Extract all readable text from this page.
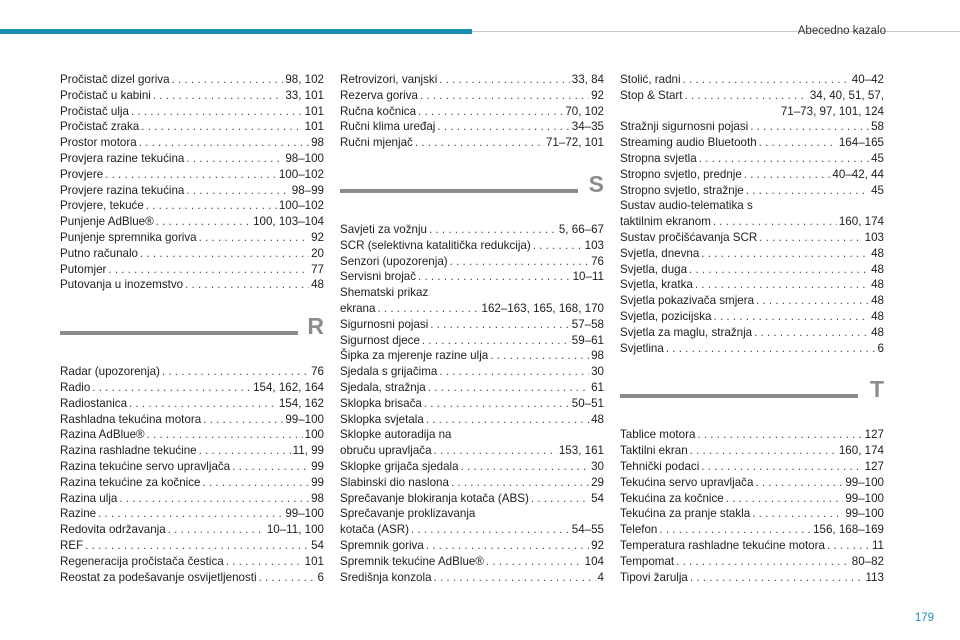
Abecedno kazalo
Pročistač dizel goriva . . .	98, 102
Pročistač u kabini . . .	33, 101
Pročistač ulja . . .	101
Pročistač zraka . . .	101
Prostor motora . . .	98
Provjera razine tekućina . . .	98–100
Provjere . . .	100–102
Provjere razina tekućina . . .	98–99
Provjere, tekuće . . .	100–102
Punjenje AdBlue® . . .	100, 103–104
Punjenje spremnika goriva . . .	92
Putno računalo . . .	20
Putomjer . . .	77
Putovanja u inozemstvo . . .	48
R
Radar (upozorenja) . . .	76
Radio . . .	154, 162, 164
Radiostanica . . .	154, 162
Rashladna tekućina motora . . .	99–100
Razina AdBlue® . . .	100
Razina rashladne tekućine . . .	11, 99
Razina tekućine servo upravljača . . .	99
Razina tekućine za kočnice . . .	99
Razina ulja . . .	98
Razine . . .	99–100
Redovita održavanja . . .	10–11, 100
REF . . .	54
Regeneracija pročistača čestica . . .	101
Reostat za podešavanje osvijetljenosti . . .	6
Retrovizori, vanjski . . .	33, 84
Rezerva goriva . . .	92
Ručna kočnica . . .	70, 102
Ručni klima uređaj . . .	34–35
Ručni mjenjač . . .	71–72, 101
S
Savjeti za vožnju . . .	5, 66–67
SCR (selektivna katalitička redukcija) . . .	103
Senzori (upozorenja) . . .	76
Servisni brojač . . .	10–11
Shematski prikaz
ekrana . . .	162–163, 165, 168, 170
Sigurnosni pojasi . . .	57–58
Sigurnost djece . . .	59–61
Šipka za mjerenje razine ulja . . .	98
Sjedala s grijačima . . .	30
Sjedala, stražnja . . .	61
Sklopka brisača . . .	50–51
Sklopka svjetala . . .	48
Sklopke autoradija na
obruču upravljača . . .	153, 161
Sklopke grijača sjedala . . .	30
Slabinski dio naslona . . .	29
Sprečavanje blokiranja kotača (ABS) . . .	54
Sprečavanje proklizavanja
kotača (ASR) . . .	54–55
Spremnik goriva . . .	92
Spremnik tekućine AdBlue® . . .	104
Središnja konzola . . .	4
Stolić, radni . . .	40–42
Stop & Start . . .	34, 40, 51, 57,
71–73, 97, 101, 124
Stražnji sigurnosni pojasi . . .	58
Streaming audio Bluetooth . . .	164–165
Stropna svjetla . . .	45
Stropno svjetlo, prednje . . .	40–42, 44
Stropno svjetlo, stražnje . . .	45
Sustav audio-telematika s
taktilnim ekranom . . .	160, 174
Sustav pročišćavanja SCR . . .	103
Svjetla, dnevna . . .	48
Svjetla, duga . . .	48
Svjetla, kratka . . .	48
Svjetla pokazivača smjera . . .	48
Svjetla, pozicijska . . .	48
Svjetla za maglu, stražnja . . .	48
Svjetlina . . .	6
T
Tablice motora . . .	127
Taktilni ekran . . .	160, 174
Tehnički podaci . . .	127
Tekućina servo upravljača . . .	99–100
Tekućina za kočnice . . .	99–100
Tekućina za pranje stakla . . .	99–100
Telefon . . .	156, 168–169
Temperatura rashladne tekućine motora . . .	11
Tempomat . . .	80–82
Tipovi žarulja . . .	113
179
